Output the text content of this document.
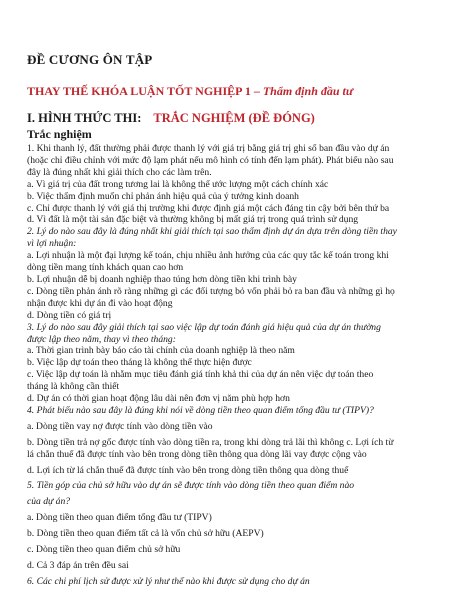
ĐỀ CƯƠNG ÔN TẬP
THAY THẾ KHÓA LUẬN TỐT NGHIỆP 1 – Thẩm định đầu tư
I. HÌNH THỨC THI: TRẮC NGHIỆM (ĐỀ ĐÓNG)
Trắc nghiệm

1. Khi thanh lý, đất thường phải được thanh lý với giá trị bằng giá trị ghi sổ ban đầu vào dự án

(hoặc chỉ điều chỉnh với mức độ lạm phát nếu mô hình có tính đến lạm phát). Phát biểu nào sau

đây là đúng nhất khi giải thích cho các làm trên.

a. Vì giá trị của đất trong tương lai là không thể ước lượng một cách chính xác

b. Việc thẩm định muốn chỉ phản ánh hiệu quả của ý tưởng kinh doanh

c. Chỉ được thanh lý với giá thị trường khi được định giá một cách đáng tin cậy bởi bên thứ ba

d. Vì đất là một tài sản đặc biệt và thường không bị mất giá trị trong quá trình sử dụng

2. Lý do nào sau đây là đúng nhất khi giải thích tại sao thẩm định dự án dựa trên dòng tiền thay

vì lợi nhuận:

a. Lợi nhuận là một đại lượng kế toán, chịu nhiều ảnh hưởng của các quy tắc kế toán trong khi

dòng tiền mang tính khách quan cao hơn

b. Lợi nhuận dễ bị doanh nghiệp thao túng hơn dòng tiền khi trình bày

c. Dòng tiền phản ánh rõ ràng những gì các đối tượng bỏ vốn phải bỏ ra ban đầu và những gì họ

nhận được khi dự án đi vào hoạt động

d. Dòng tiền có giá trị

3. Lý do nào sau đây giải thích tại sao việc lập dự toán đánh giá hiệu quả của dự án thường

được lập theo năm, thay vì theo tháng:

a. Thời gian trình bày báo cáo tài chính của doanh nghiệp là theo năm

b. Việc lập dự toán theo tháng là không thể thực hiện được

c. Việc lập dự toán là nhằm mục tiêu đánh giá tính khả thi của dự án nên việc dự toán theo

tháng là không cần thiết

d. Dự án có thời gian hoạt động lâu dài nên đơn vị năm phù hợp hơn

4. Phát biểu nào sau đây là đúng khi nói về dòng tiền theo quan điểm tổng đầu tư (TIPV)?

a. Dòng tiền vay nợ được tính vào dòng tiền vào

b. Dòng tiền trả nợ gốc được tính vào dòng tiền ra, trong khi dòng trả lãi thì không c. Lợi ích từ

lá chắn thuế đã được tính vào bên trong dòng tiền thông qua dòng lãi vay được cộng vào

d. Lợi ích từ lá chắn thuế đã được tính vào bên trong dòng tiền thông qua dòng thuế

5. Tiền góp của chủ sở hữu vào dự án sẽ được tính vào dòng tiền theo quan điểm nào

của dự án?

a. Dòng tiền theo quan điểm tổng đầu tư (TIPV)

b. Dòng tiền theo quan điểm tất cả là vốn chủ sở hữu (AEPV)

c. Dòng tiền theo quan điểm chủ sở hữu

d. Cả 3 đáp án trên đều sai

6. Các chi phí lịch sử được xử lý như thế nào khi được sử dụng cho dự án
